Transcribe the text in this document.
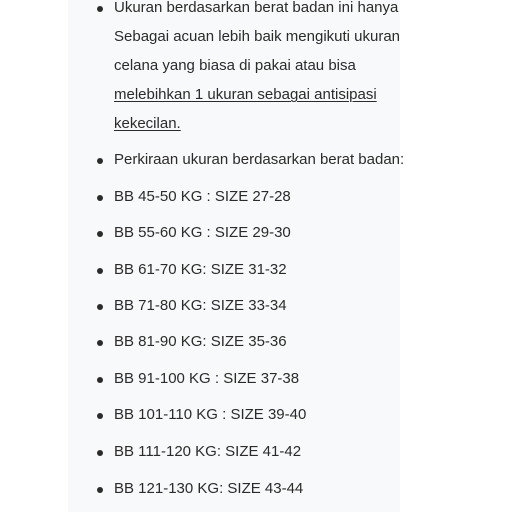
Ukuran berdasarkan berat badan ini hanya
Sebagai acuan lebih baik mengikuti ukuran
celana yang biasa di pakai atau bisa
melebihkan 1 ukuran sebagai antisipasi
kekecilan.
Perkiraan ukuran berdasarkan berat badan:
BB 45-50 KG : SIZE 27-28
BB 55-60 KG : SIZE 29-30
BB 61-70 KG: SIZE 31-32
BB 71-80 KG: SIZE 33-34
BB 81-90 KG: SIZE 35-36
BB 91-100 KG : SIZE 37-38
BB 101-110 KG : SIZE 39-40
BB 111-120 KG: SIZE 41-42
BB 121-130 KG: SIZE 43-44
